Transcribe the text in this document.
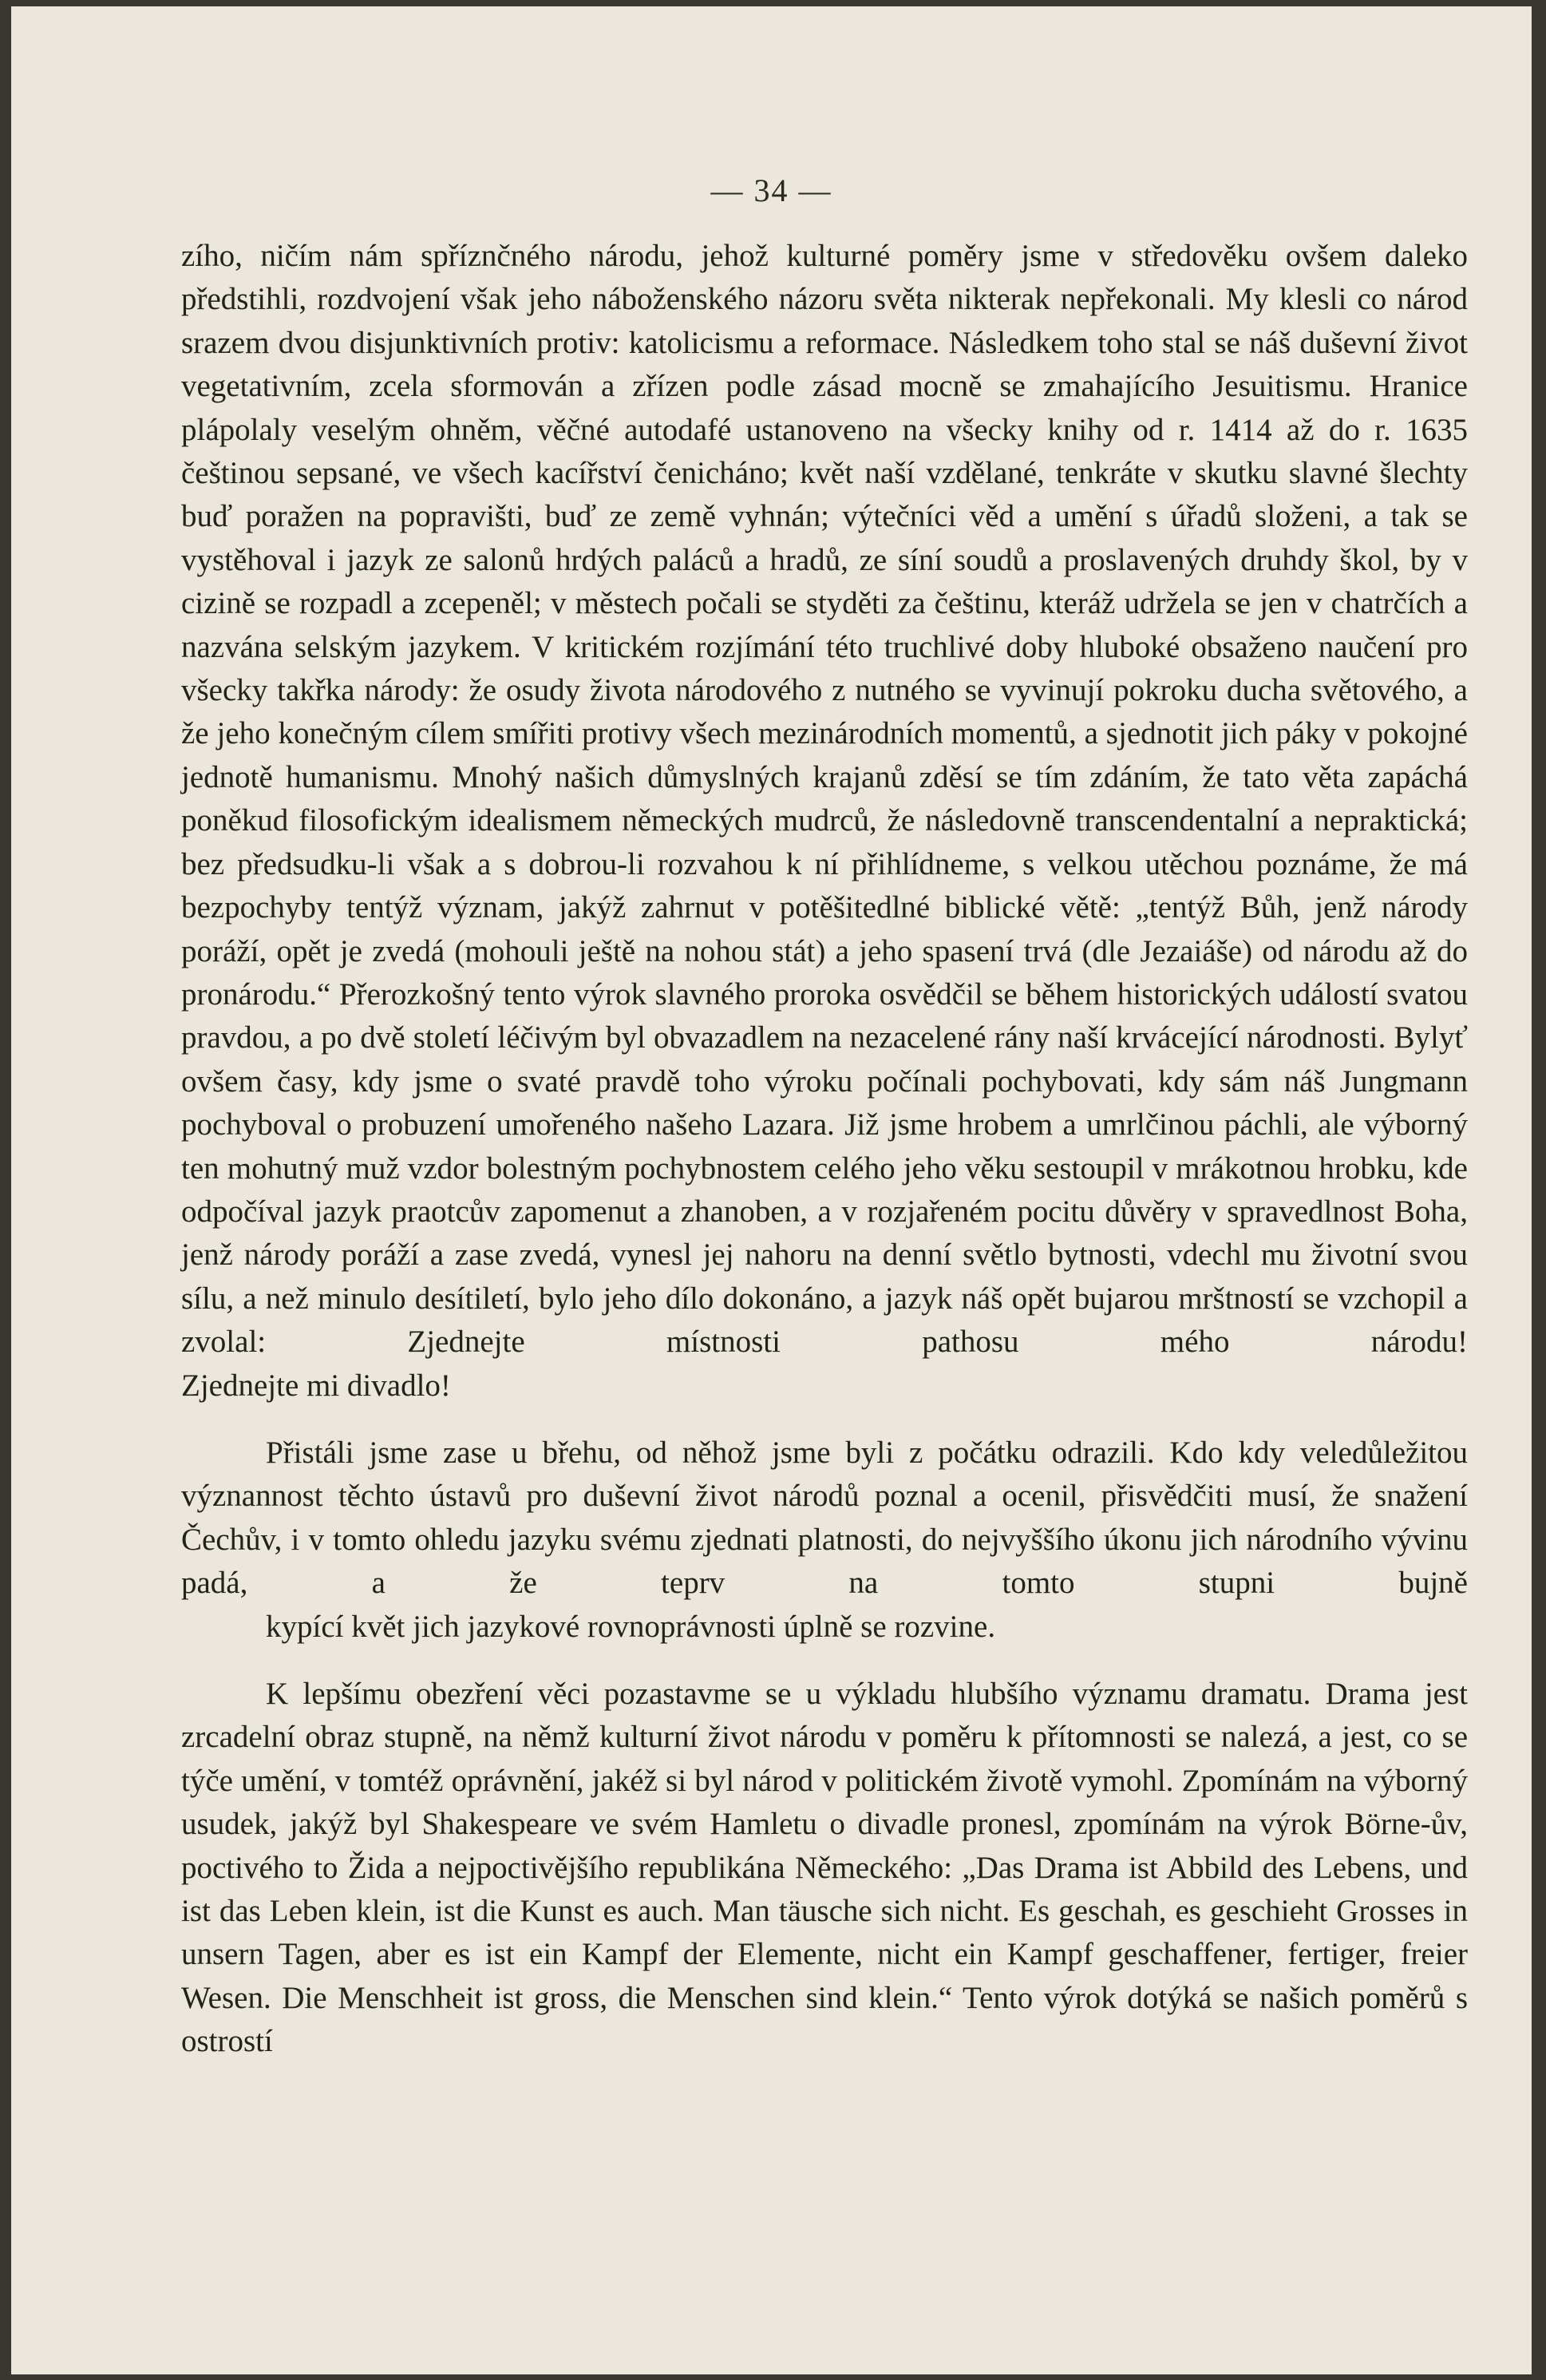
— 34 —

zího, ničím nám spříznčného národu, jehož kulturné poměry jsme v středověku ovšem daleko předstihli, rozdvojení však jeho náboženského názoru světa nikterak nepřekonali. My klesli co národ srazem dvou disjunktivních protiv: katolicismu a reformace. Následkem toho stal se náš duševní život vegetativním, zcela sformován a zřízen podle zásad mocně se zmahajícího Jesuitismu. Hranice plápolaly veselým ohněm, věčné autodafé ustanoveno na všecky knihy od r. 1414 až do r. 1635 češtinou sepsané, ve všech kacířství čenicháno; květ naší vzdělané, tenkráte v skutku slavné šlechty buď poražen na popravišti, buď ze země vyhnán; výtečníci věd a umění s úřadů složeni, a tak se vystěhoval i jazyk ze salonů hrdých paláců a hradů, ze síní soudů a proslavených druhdy škol, by v cizině se rozpadl a zcepeněl; v městech počali se styděti za češtinu, kteráž udržela se jen v chatrčích a nazvána selským jazykem. V kritickém rozjímání této truchlivé doby hluboké obsaženo naučení pro všecky takřka národy: že osudy života národového z nutného se vyvinují pokroku ducha světového, a že jeho konečným cílem smířiti protivy všech mezinárodních momentů, a sjednotit jich páky v pokojné jednotě humanismu. Mnohý našich důmyslných krajanů zděsí se tím zdáním, že tato věta zapáchá poněkud filosofickým idealismem německých mudrců, že následovně transcendentalní a nepraktická; bez předsudku-li však a s dobrou-li rozvahou k ní přihlídneme, s velkou utěchou poznáme, že má bezpochyby tentýž význam, jakýž zahrnut v potěšitedlné biblické větě: „tentýž Bůh, jenž národy poráží, opět je zvedá (mohouli ještě na nohou stát) a jeho spasení trvá (dle Jezaiáše) od národu až do pronárodu.“ Přerozkošný tento výrok slavného proroka osvědčil se během historických událostí svatou pravdou, a po dvě století léčivým byl obvazadlem na nezacelené rány naší krvácející národnosti. Bylyť ovšem časy, kdy jsme o svaté pravdě toho výroku počínali pochybovati, kdy sám náš Jungmann pochyboval o probuzení umořeného našeho Lazara. Již jsme hrobem a umrlčinou páchli, ale výborný ten mohutný muž vzdor bolestným pochybnostem celého jeho věku sestoupil v mrákotnou hrobku, kde odpočíval jazyk praotcův zapomenut a zhanoben, a v rozjařeném pocitu důvěry v spravedlnost Boha, jenž národy poráží a zase zvedá, vynesl jej nahoru na denní světlo bytnosti, vdechl mu životní svou sílu, a než minulo desítiletí, bylo jeho dílo dokonáno, a jazyk náš opět bujarou mrštností se vzchopil a zvolal: Zjednejte místnosti pathosu mého národu!
Zjednejte mi divadlo!

Přistáli jsme zase u břehu, od něhož jsme byli z počátku odrazili. Kdo kdy veledůležitou význannost těchto ústavů pro duševní život národů poznal a ocenil, přisvědčiti musí, že snažení Čechův, i v tomto ohledu jazyku svému zjednati platnosti, do nejvyššího úkonu jich národního vývinu padá, a že teprv na tomto stupni bujně
kypící květ jich jazykové rovnoprávnosti úplně se rozvine.

K lepšímu obezření věci pozastavme se u výkladu hlubšího významu dramatu. Drama jest zrcadelní obraz stupně, na němž kulturní život národu v poměru k přítomnosti se nalezá, a jest, co se týče umění, v tomtéž oprávnění, jakéž si byl národ v politickém životě vymohl. Zpomínám na výborný usudek, jakýž byl Shakespeare ve svém Hamletu o divadle pronesl, zpomínám na výrok Börne-ův, poctivého to Žida a nejpoctivějšího republikána Německého: „Das Drama ist Abbild des Lebens, und ist das Leben klein, ist die Kunst es auch. Man täusche sich nicht. Es geschah, es geschieht Grosses in unsern Tagen, aber es ist ein Kampf der Elemente, nicht ein Kampf geschaffener, fertiger, freier Wesen. Die Menschheit ist gross, die Menschen sind klein.“ Tento výrok dotýká se našich poměrů s ostrostí
